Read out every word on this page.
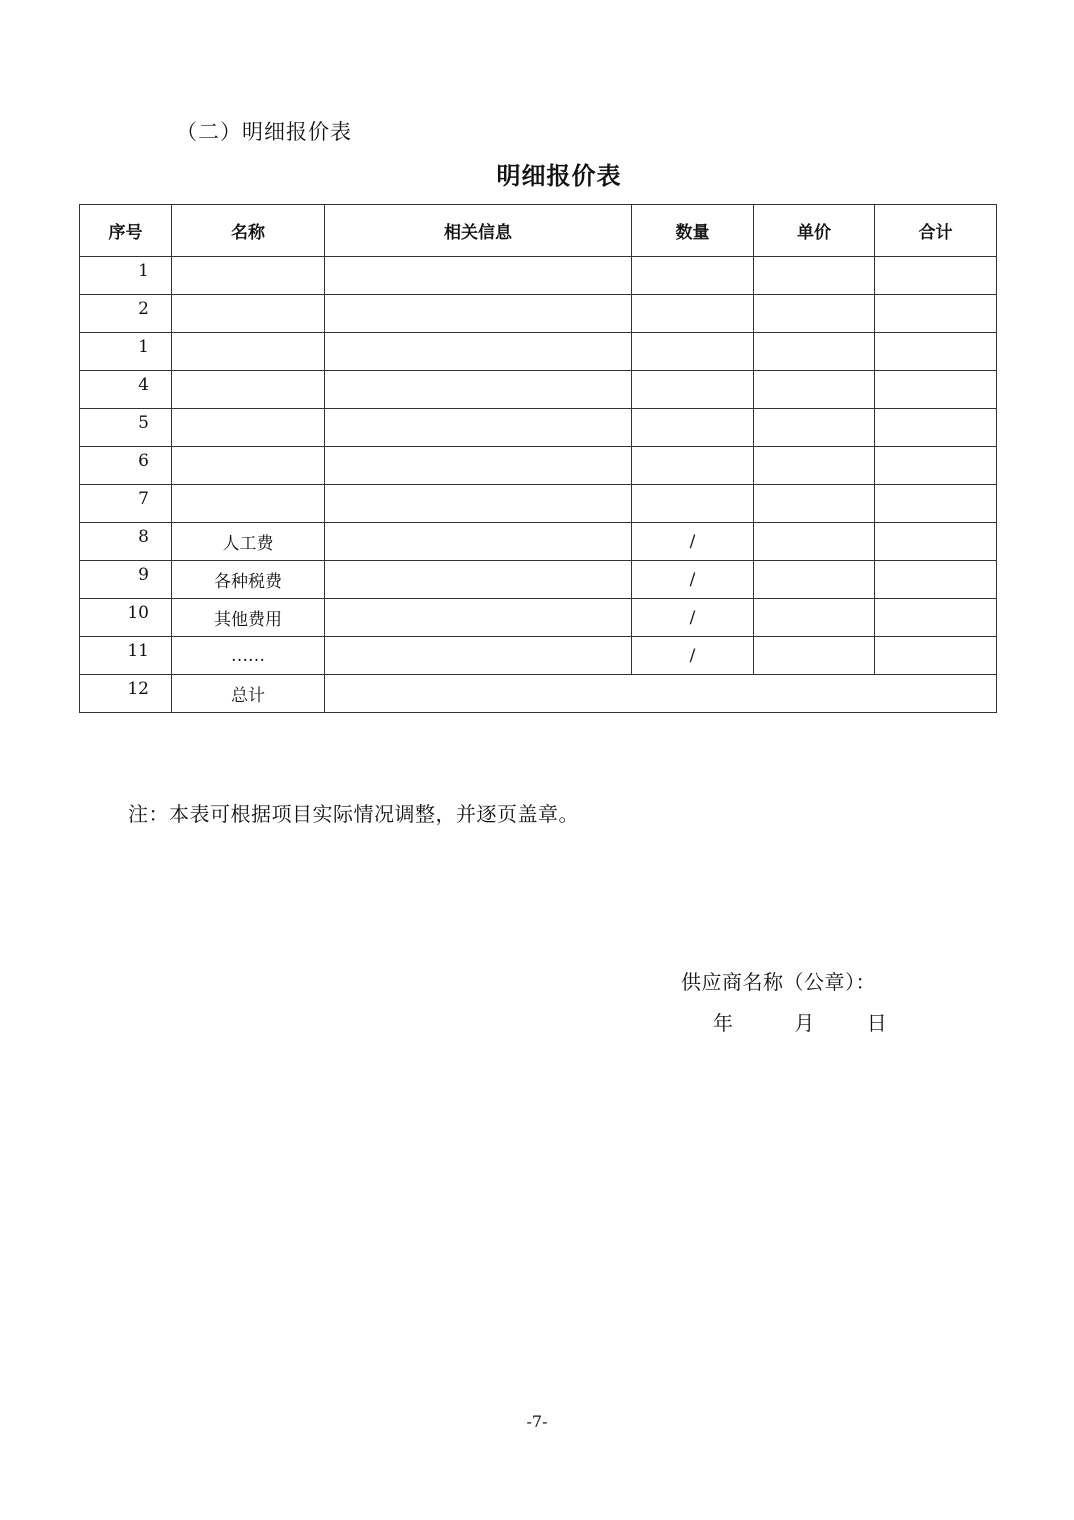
（二）明细报价表
明细报价表
序号	名称	相关信息	数量	单价	合计
1					
2					
1					
4					
5					
6					
7					
8	人工费		/		
9	各种税费		/		
10	其他费用		/		
11	……		/		
12	总计				
注：本表可根据项目实际情况调整，并逐页盖章。
供应商名称（公章）：
年	月	日
-7-
